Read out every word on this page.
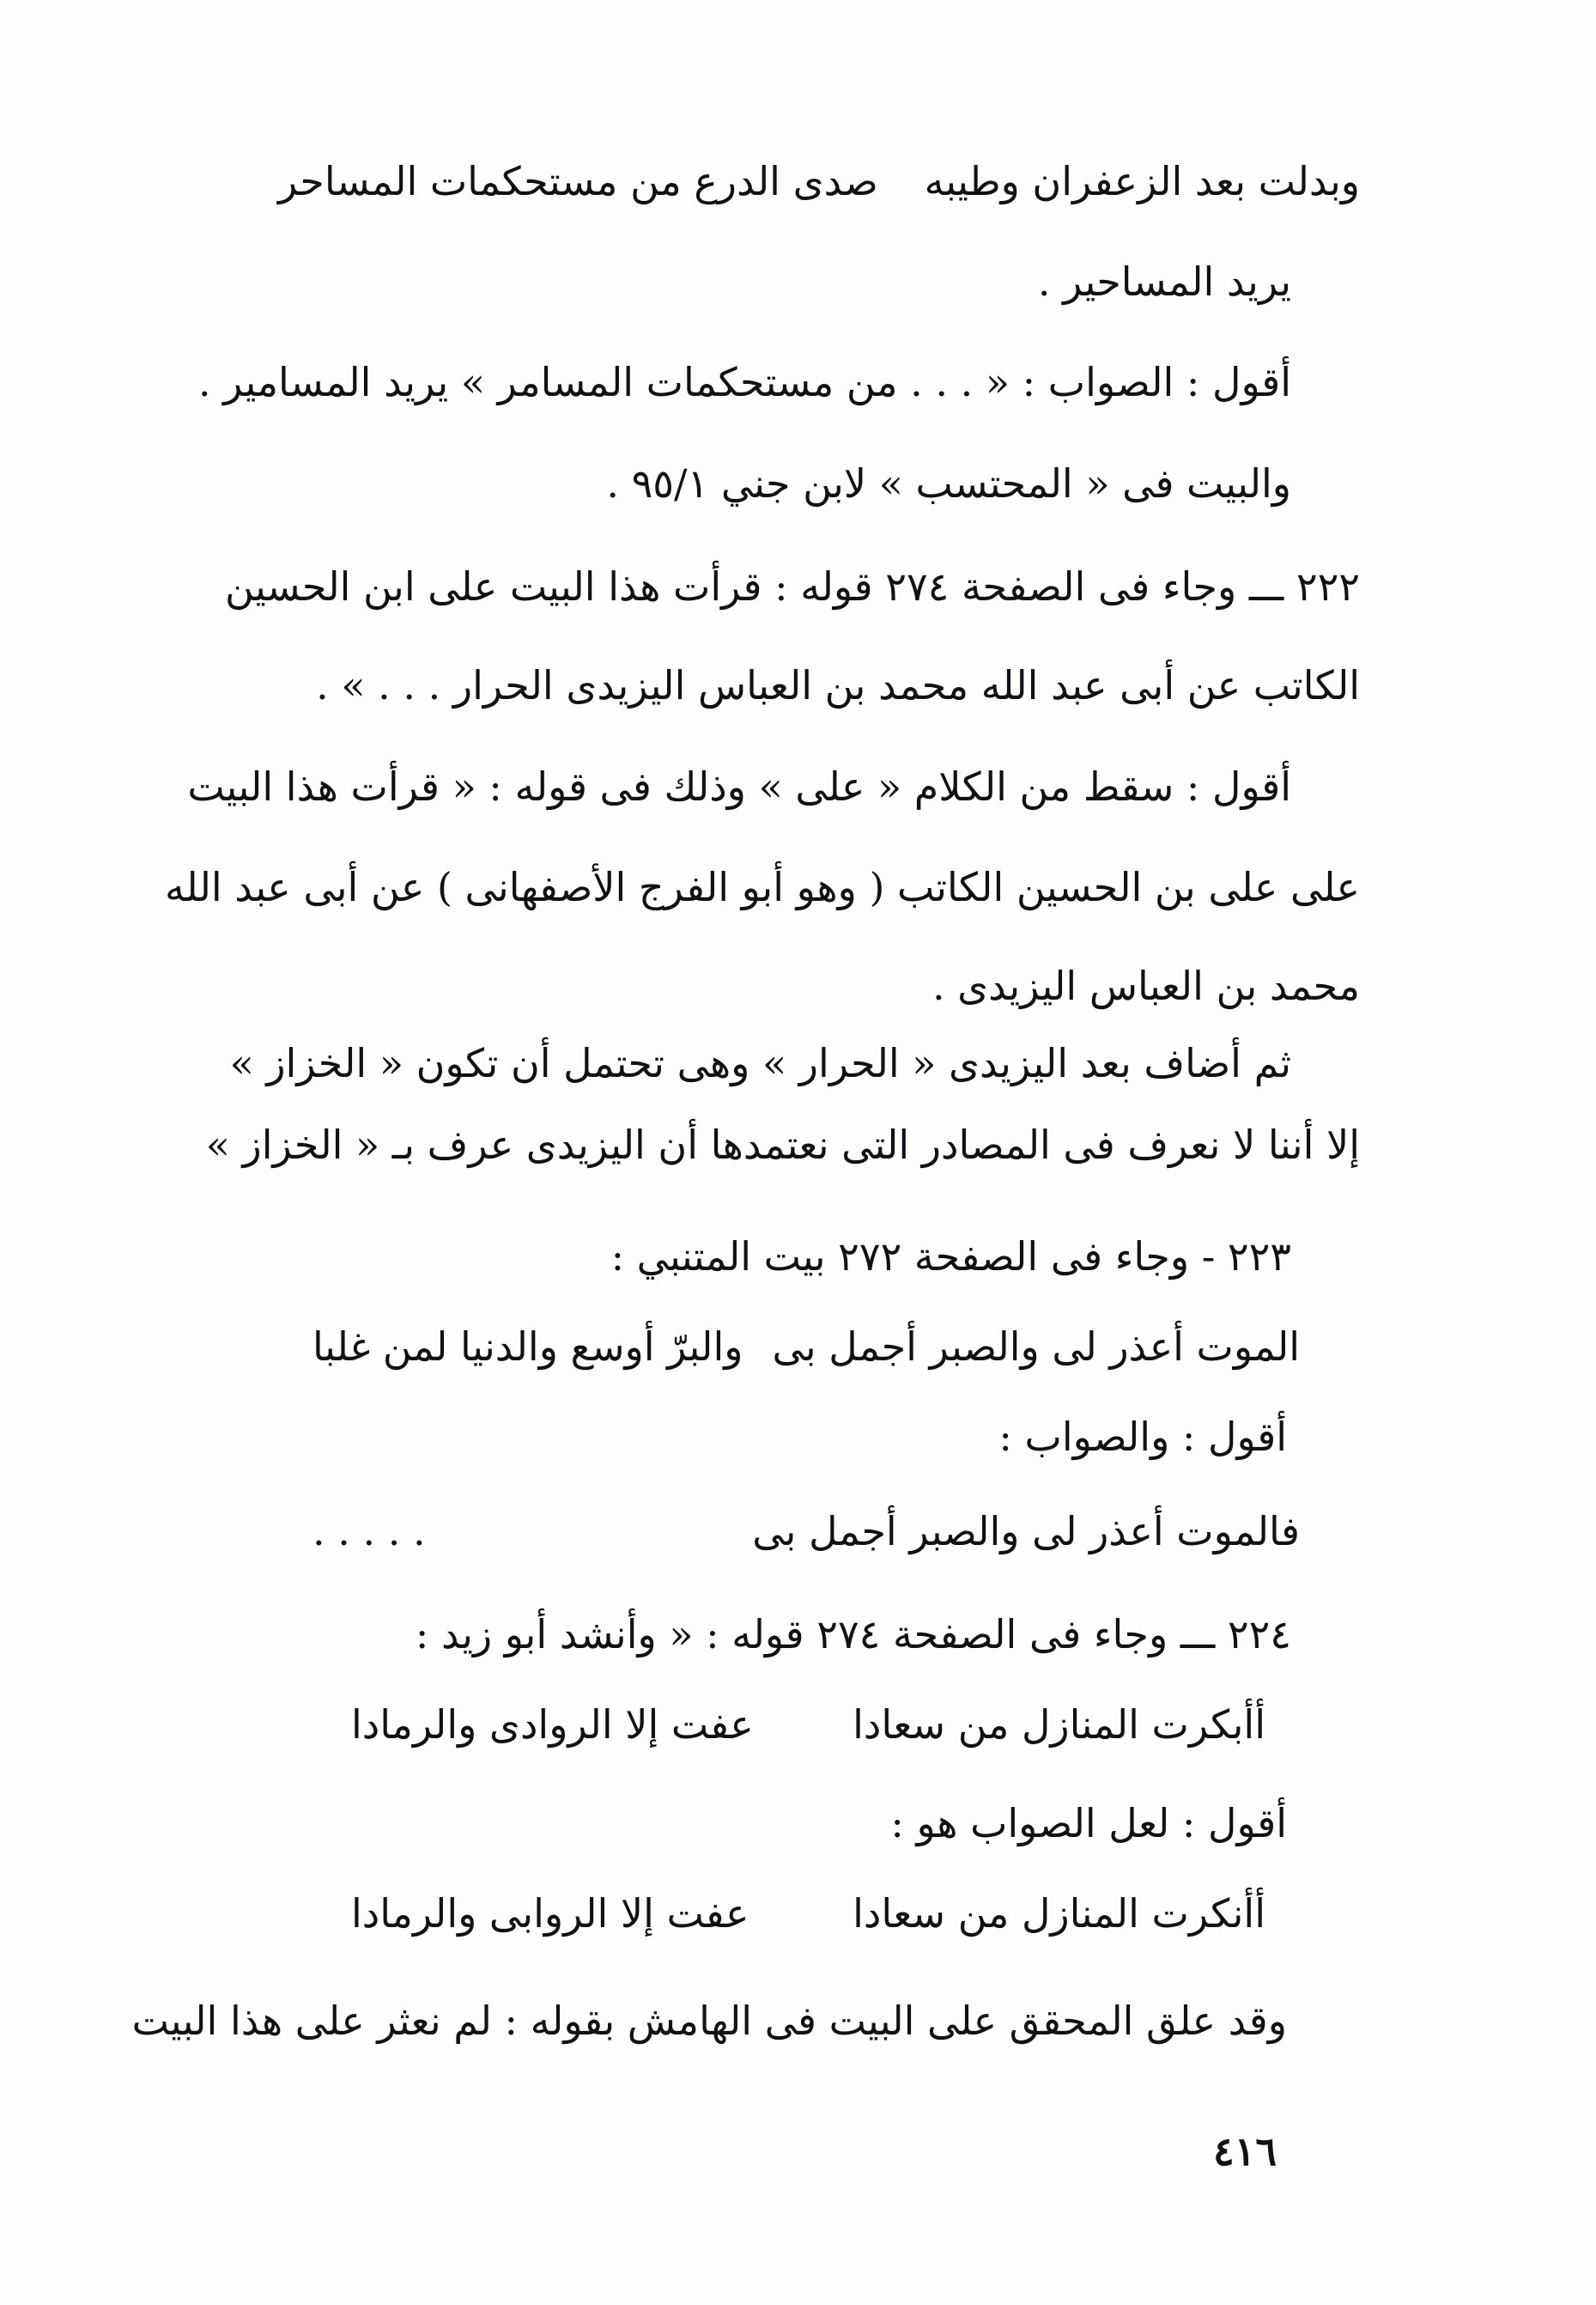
وبدلت بعد الزعفران وطيبه
صدى الدرع من مستحكمات المساحر
يريد المساحير .
أقول : الصواب : « . . . من مستحكمات المسامر » يريد المسامير .
والبيت فى « المحتسب » لابن جني ٩٥/١ .
٢٢٢ ـــ وجاء فى الصفحة ٢٧٤ قوله : قرأت هذا البيت على ابن الحسين
الكاتب عن أبى عبد الله محمد بن العباس اليزيدى الحرار . . . » .
أقول : سقط من الكلام « على » وذلك فى قوله : « قرأت هذا البيت
على على بن الحسين الكاتب ( وهو أبو الفرج الأصفهانى ) عن أبى عبد الله
محمد بن العباس اليزيدى .
ثم أضاف بعد اليزيدى « الحرار » وهى تحتمل أن تكون « الخزاز »
إلا أننا لا نعرف فى المصادر التى نعتمدها أن اليزيدى عرف بـ « الخزاز »
٢٢٣ - وجاء فى الصفحة ٢٧٢ بيت المتنبي :
الموت أعذر لى والصبر أجمل بى
والبرّ أوسع والدنيا لمن غلبا
أقول : والصواب :
فالموت أعذر لى والصبر أجمل بى
. . . . .
٢٢٤ ـــ وجاء فى الصفحة ٢٧٤ قوله : « وأنشد أبو زيد :
أأبكرت المنازل من سعادا
عفت إلا الروادى والرمادا
أقول : لعل الصواب هو :
أأنكرت المنازل من سعادا
عفت إلا الروابى والرمادا
وقد علق المحقق على البيت فى الهامش بقوله : لم نعثر على هذا البيت
٤١٦
